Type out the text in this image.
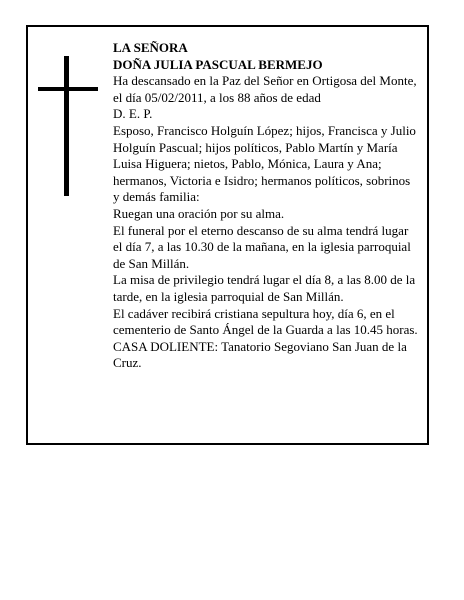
LA SEÑORA

DOÑA JULIA PASCUAL BERMEJO

Ha descansado en la Paz del Señor en Ortigosa del Monte, el día 05/02/2011, a los 88 años de edad

D. E. P.

Esposo, Francisco Holguín López; hijos, Francisca y Julio Holguín Pascual; hijos políticos, Pablo Martín y María Luisa Higuera; nietos, Pablo, Mónica, Laura y Ana; hermanos, Victoria e Isidro; hermanos políticos, sobrinos y demás familia:

Ruegan una oración por su alma.

El funeral por el eterno descanso de su alma tendrá lugar el día 7, a las 10.30 de la mañana, en la iglesia parroquial de San Millán.

La misa de privilegio tendrá lugar el día 8, a las 8.00 de la tarde, en la iglesia parroquial de San Millán.

El cadáver recibirá cristiana sepultura hoy, día 6, en el cementerio de Santo Ángel de la Guarda a las 10.45 horas.

CASA DOLIENTE: Tanatorio Segoviano San Juan de la Cruz.
